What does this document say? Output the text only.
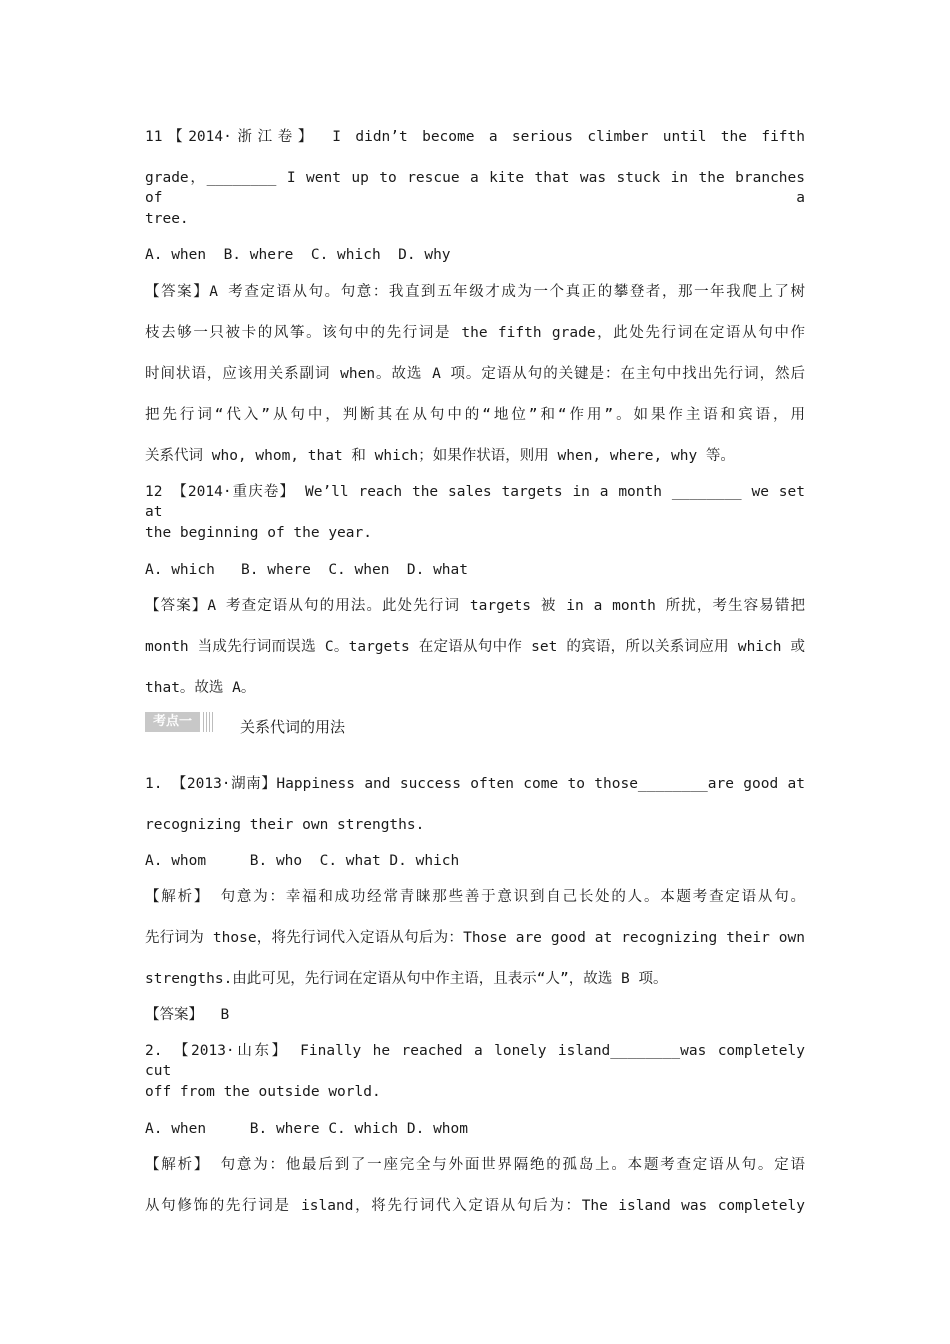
11【2014·浙江卷】 I didn’t become a serious climber until the fifth
grade，________ I went up to rescue a kite that was stuck in the branches of a
tree.
A. when  B. where  C. which  D. why
【答案】A 考查定语从句。句意：我直到五年级才成为一个真正的攀登者，那一年我爬上了树
枝去够一只被卡的风筝。该句中的先行词是 the fifth grade，此处先行词在定语从句中作
时间状语，应该用关系副词 when。故选 A 项。定语从句的关键是：在主句中找出先行词，然后
把先行词“代入”从句中，判断其在从句中的“地位”和“作用”。如果作主语和宾语，用
关系代词 who, whom, that 和 which；如果作状语，则用 when, where, why 等。
12 【2014·重庆卷】 We’ll reach the sales targets in a month ________ we set at
the beginning of the year.
A. which   B. where  C. when  D. what
【答案】A 考查定语从句的用法。此处先行词 targets 被 in a month 所扰，考生容易错把
month 当成先行词而误选 C。targets 在定语从句中作 set 的宾语，所以关系词应用 which 或
that。故选 A。
考点一	关系代词的用法
1. 【2013·湖南】Happiness and success often come to those________are good at
recognizing their own strengths.
A. whom     B. who  C. what D. which
【解析】 句意为：幸福和成功经常青睐那些善于意识到自己长处的人。本题考查定语从句。
先行词为 those，将先行词代入定语从句后为：Those are good at recognizing their own
strengths.由此可见，先行词在定语从句中作主语，且表示“人”，故选 B 项。
【答案】  B
2. 【2013·山东】 Finally he reached a lonely island________was completely cut
off from the outside world.
A. when     B. where C. which D. whom
【解析】 句意为：他最后到了一座完全与外面世界隔绝的孤岛上。本题考查定语从句。定语
从句修饰的先行词是 island，将先行词代入定语从句后为：The island was completely
